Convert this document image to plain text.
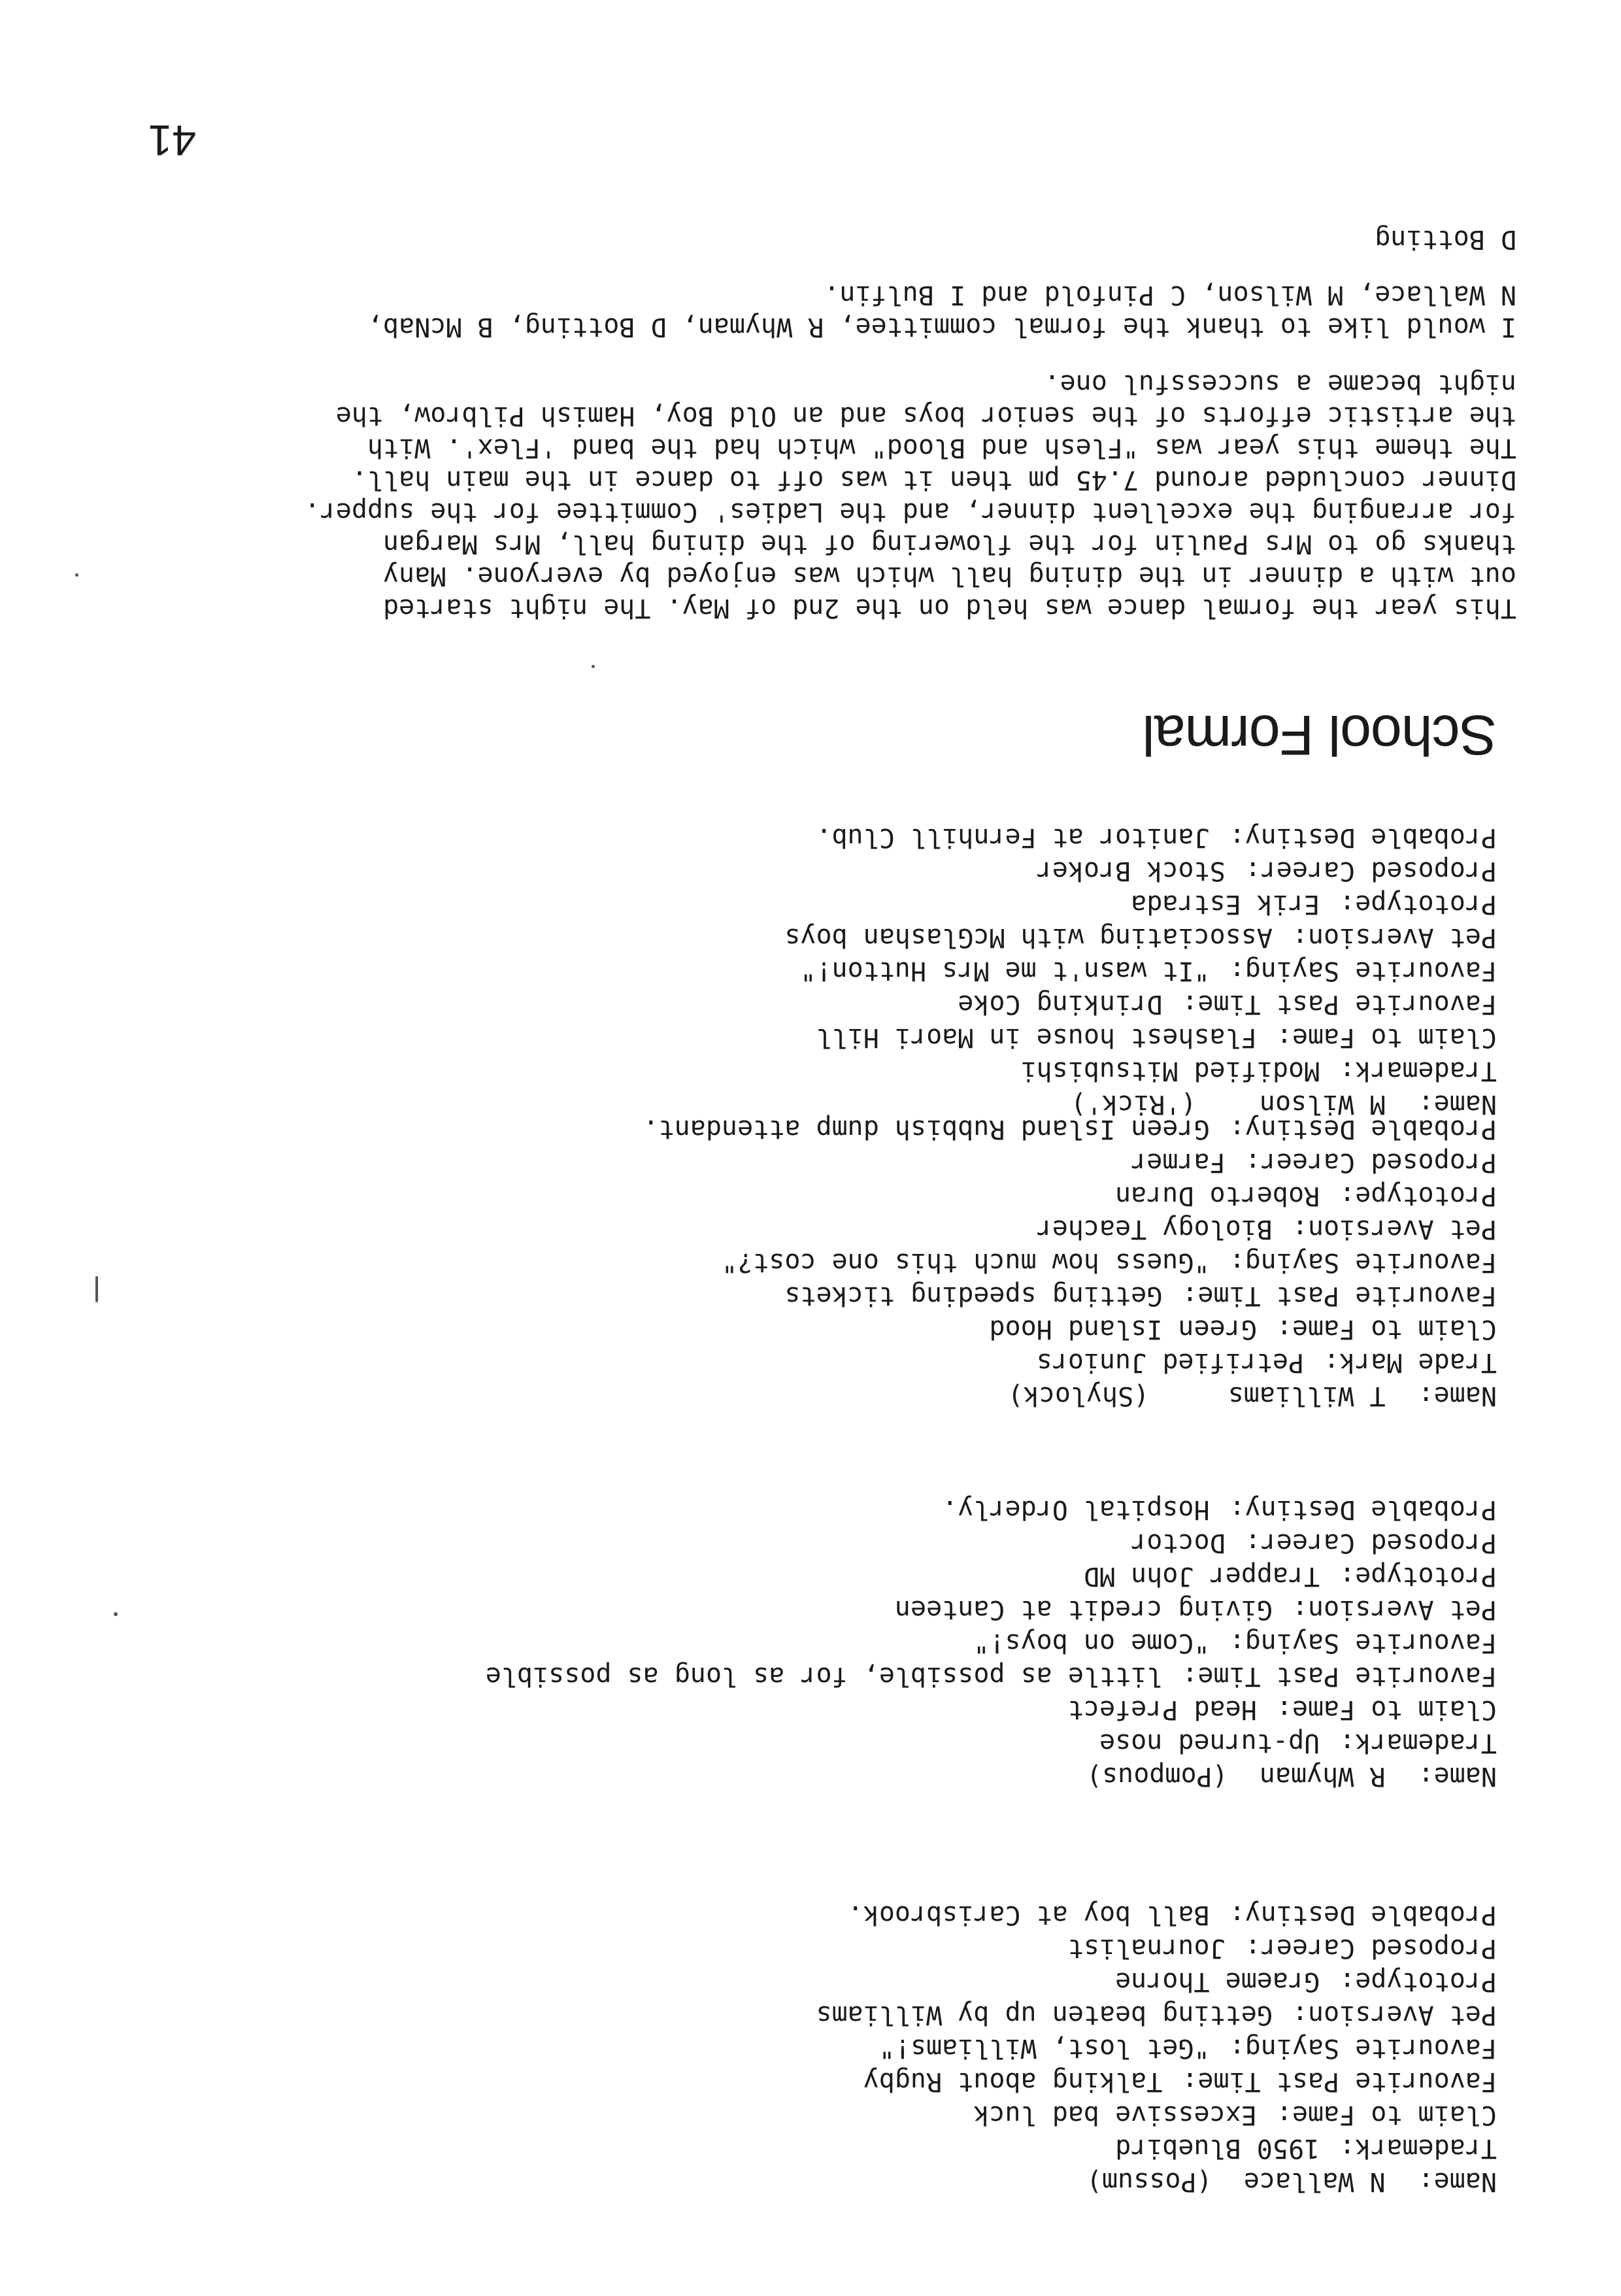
Name:N Wallace  (Possum)
Trademark:1950 Bluebird
Claim to Fame:Excessive bad luck
Favourite Past Time:Talking about Rugby
Favourite Saying:"Get lost, Williams!"
Pet Aversion:Getting beaten up by Williams
Prototype:Graeme Thorne
Proposed Career:Journalist
Probable Destiny:Ball boy at Carisbrook.
Name:R Whyman  (Pompous)
Trademark:Up-turned nose
Claim to Fame:Head Prefect
Favourite Past Time:little as possible, for as long as possible
Favourite Saying:"Come on boys!"
Pet Aversion:Giving credit at Canteen
Prototype:Trapper John MD
Proposed Career:Doctor
Probable Destiny:Hospital Orderly.
Name:T Williams     (Shylock)
Trade Mark:Petrified Juniors
Claim to Fame:Green Island Hood
Favourite Past Time:Getting speeding tickets
Favourite Saying:"Guess how much this one cost?"
Pet Aversion:Biology Teacher
Prototype:Roberto Duran
Proposed Career:Farmer
Probable Destiny:Green Island Rubbish dump attendant.
Name:M Wilson    ('Rick')
Trademark:Modified Mitsubishi
Claim to Fame:Flashest house in Maori Hill
Favourite Past Time:Drinking Coke
Favourite Saying:"It wasn't me Mrs Hutton!"
Pet Aversion:Associating with McGlashan boys
Prototype:Erik Estrada
Proposed Career:Stock Broker
Probable Destiny:Janitor at Fernhill Club.
School Formal
This year the formal dance was held on the 2nd of May. The night started
out with a dinner in the dining hall which was enjoyed by everyone. Many
thanks go to Mrs Paulin for the flowering of the dining hall, Mrs Margan
for arranging the excellent dinner, and the Ladies' Committee for the supper.
Dinner concluded around 7.45 pm then it was off to dance in the main hall.
The theme this year was "Flesh and Blood" which had the band 'Flex'. With
the artistic efforts of the senior boys and an Old Boy, Hamish Pilbrow, the
night became a successful one.
I would like to thank the formal committee, R Whyman, D Botting, B McNab,
N Wallace, M Wilson, C Pinfold and I Bulfin.
D Botting
41
